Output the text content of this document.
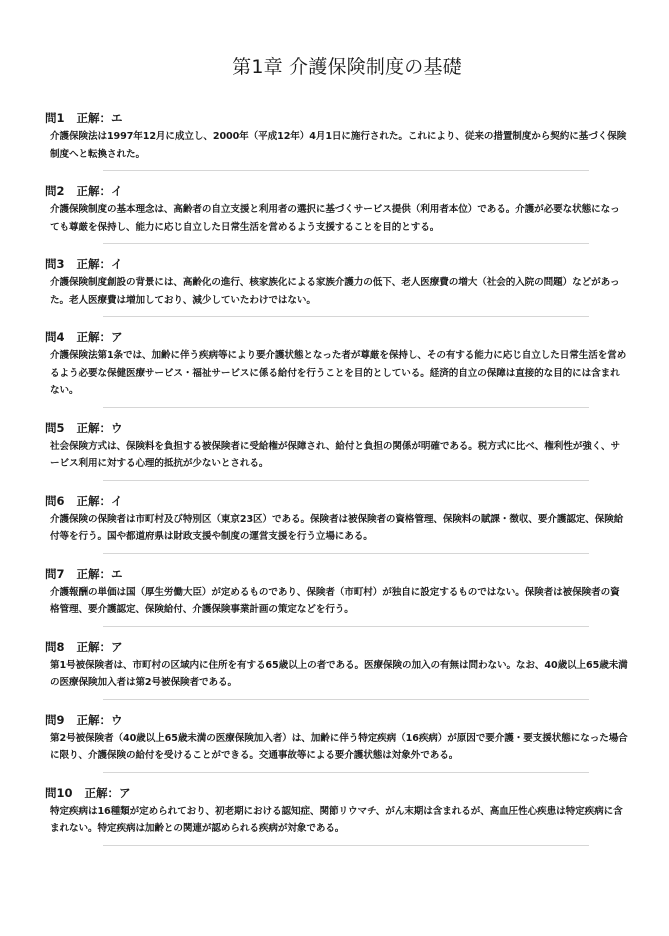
第1章 介護保険制度の基礎
問1 正解：エ

介護保険法は1997年12月に成立し、2000年（平成12年）4月1日に施行された。これにより、従来の措置制度から契約に基づく保険制度へと転換された。

問2 正解：イ

介護保険制度の基本理念は、高齢者の自立支援と利用者の選択に基づくサービス提供（利用者本位）である。介護が必要な状態になっても尊厳を保持し、能力に応じ自立した日常生活を営めるよう支援することを目的とする。

問3 正解：イ

介護保険制度創設の背景には、高齢化の進行、核家族化による家族介護力の低下、老人医療費の増大（社会的入院の問題）などがあった。老人医療費は増加しており、減少していたわけではない。

問4 正解：ア

介護保険法第1条では、加齢に伴う疾病等により要介護状態となった者が尊厳を保持し、その有する能力に応じ自立した日常生活を営めるよう必要な保健医療サービス・福祉サービスに係る給付を行うことを目的としている。経済的自立の保障は直接的な目的には含まれない。

問5 正解：ウ

社会保険方式は、保険料を負担する被保険者に受給権が保障され、給付と負担の関係が明確である。税方式に比べ、権利性が強く、サービス利用に対する心理的抵抗が少ないとされる。

問6 正解：イ

介護保険の保険者は市町村及び特別区（東京23区）である。保険者は被保険者の資格管理、保険料の賦課・徴収、要介護認定、保険給付等を行う。国や都道府県は財政支援や制度の運営支援を行う立場にある。

問7 正解：エ

介護報酬の単価は国（厚生労働大臣）が定めるものであり、保険者（市町村）が独自に設定するものではない。保険者は被保険者の資格管理、要介護認定、保険給付、介護保険事業計画の策定などを行う。

問8 正解：ア

第1号被保険者は、市町村の区域内に住所を有する65歳以上の者である。医療保険の加入の有無は問わない。なお、40歳以上65歳未満の医療保険加入者は第2号被保険者である。

問9 正解：ウ

第2号被保険者（40歳以上65歳未満の医療保険加入者）は、加齢に伴う特定疾病（16疾病）が原因で要介護・要支援状態になった場合に限り、介護保険の給付を受けることができる。交通事故等による要介護状態は対象外である。

問10 正解：ア

特定疾病は16種類が定められており、初老期における認知症、関節リウマチ、がん末期は含まれるが、高血圧性心疾患は特定疾病に含まれない。特定疾病は加齢との関連が認められる疾病が対象である。
